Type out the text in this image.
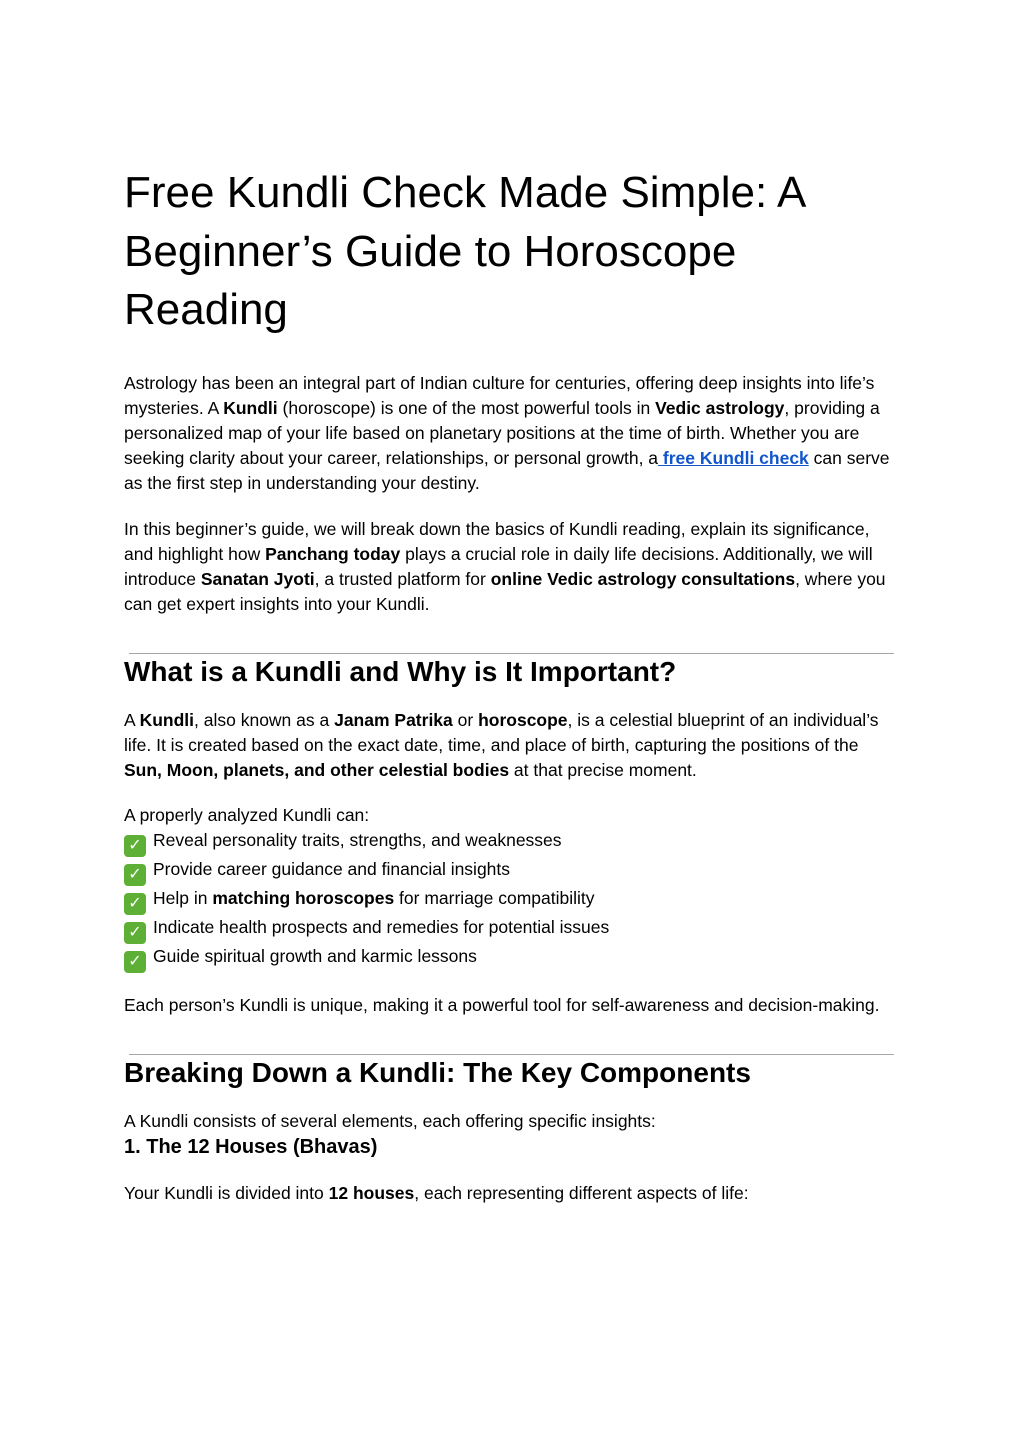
Free Kundli Check Made Simple: A Beginner’s Guide to Horoscope Reading

Astrology has been an integral part of Indian culture for centuries, offering deep insights into life’s mysteries. A Kundli (horoscope) is one of the most powerful tools in Vedic astrology, providing a personalized map of your life based on planetary positions at the time of birth. Whether you are seeking clarity about your career, relationships, or personal growth, a free Kundli check can serve as the first step in understanding your destiny.

In this beginner’s guide, we will break down the basics of Kundli reading, explain its significance, and highlight how Panchang today plays a crucial role in daily life decisions. Additionally, we will introduce Sanatan Jyoti, a trusted platform for online Vedic astrology consultations, where you can get expert insights into your Kundli.

What is a Kundli and Why is It Important?

A Kundli, also known as a Janam Patrika or horoscope, is a celestial blueprint of an individual’s life. It is created based on the exact date, time, and place of birth, capturing the positions of the Sun, Moon, planets, and other celestial bodies at that precise moment.

A properly analyzed Kundli can:
✓ Reveal personality traits, strengths, and weaknesses
✓ Provide career guidance and financial insights
✓ Help in matching horoscopes for marriage compatibility
✓ Indicate health prospects and remedies for potential issues
✓ Guide spiritual growth and karmic lessons

Each person’s Kundli is unique, making it a powerful tool for self-awareness and decision-making.

Breaking Down a Kundli: The Key Components

A Kundli consists of several elements, each offering specific insights:

1. The 12 Houses (Bhavas)

Your Kundli is divided into 12 houses, each representing different aspects of life:
